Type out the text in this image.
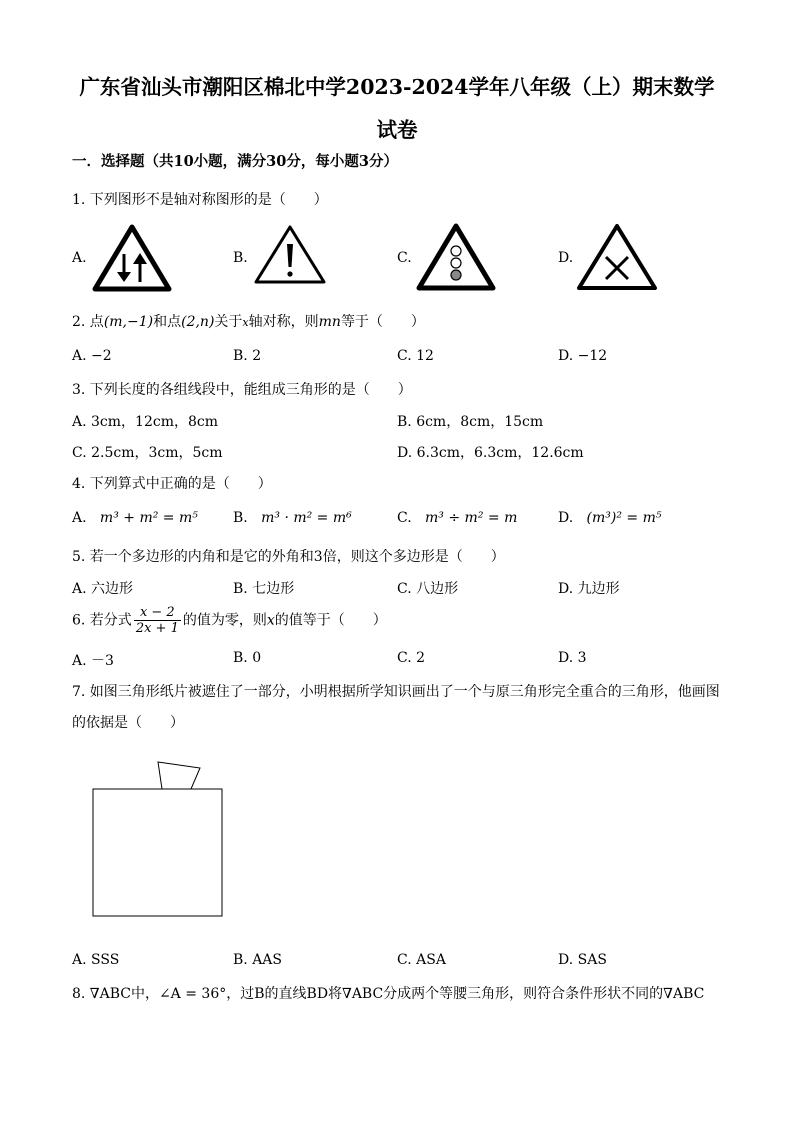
广东省汕头市潮阳区棉北中学2023-2024学年八年级（上）期末数学
试卷
一．选择题（共10小题，满分30分，每小题3分）
1. 下列图形不是轴对称图形的是（　　）
A.	B.	C.	D.
2. 点(m,−1)和点(2,n)关于x轴对称，则mn等于（　　）
A. −2	B. 2	C. 12	D. −12
3. 下列长度的各组线段中，能组成三角形的是（　　）
A. 3cm，12cm，8cm	B. 6cm，8cm，15cm
C. 2.5cm，3cm，5cm	D. 6.3cm，6.3cm，12.6cm
4. 下列算式中正确的是（　　）
A. m³ + m² = m⁵	B. m³ · m² = m⁶	C. m³ ÷ m² = m	D. (m³)² = m⁵
5. 若一个多边形的内角和是它的外角和3倍，则这个多边形是（　　）
A. 六边形	B. 七边形	C. 八边形	D. 九边形
6. 若分式 $\frac{x - 2}{2x + 1}$ 的值为零，则x的值等于（　　）
A. －3	B. 0	C. 2	D. 3
7. 如图三角形纸片被遮住了一部分，小明根据所学知识画出了一个与原三角形完全重合的三角形，他画图
的依据是（　　）
A. SSS	B. AAS	C. ASA	D. SAS
8. ∇ABC中，∠A = 36°，过B的直线BD将∇ABC分成两个等腰三角形，则符合条件形状不同的∇ABC
